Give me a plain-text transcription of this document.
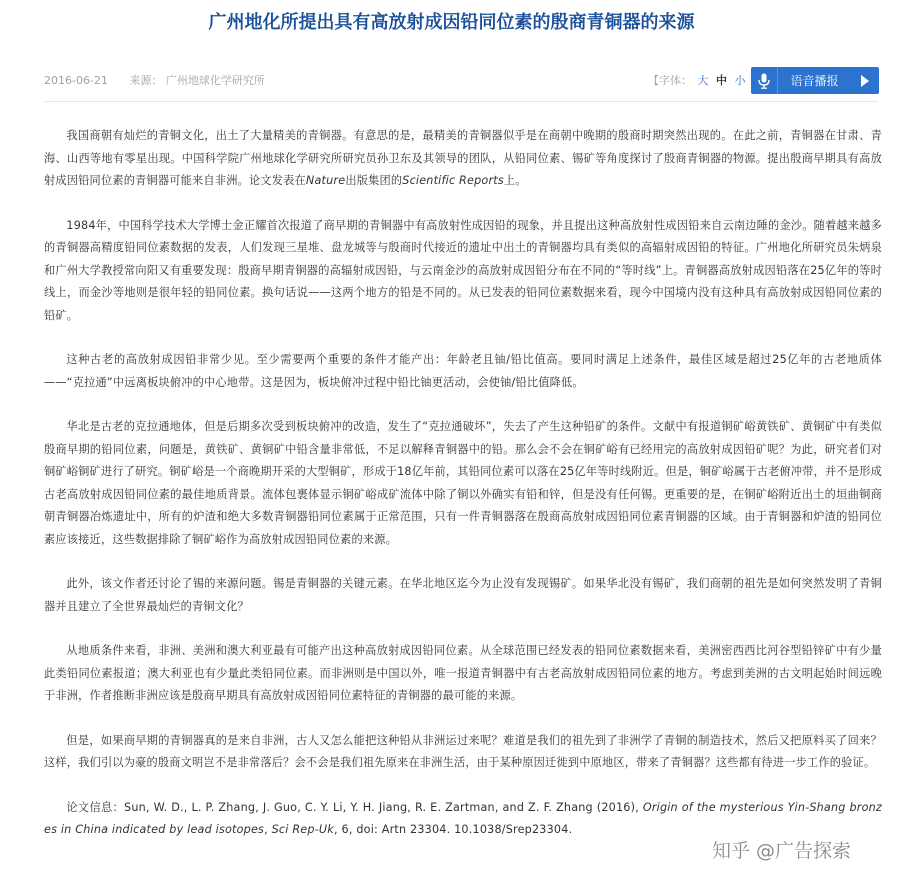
广州地化所提出具有高放射成因铅同位素的殷商青铜器的来源
2016-06-21 来源： 广州地球化学研究所	【字体： 大 中 小	语音播报

我国商朝有灿烂的青铜文化，出土了大量精美的青铜器。有意思的是，最精美的青铜器似乎是在商朝中晚期的殷商时期突然出现的。在此之前，青铜器在甘肃、青海、山西等地有零星出现。中国科学院广州地球化学研究所研究员孙卫东及其领导的团队，从铅同位素、锡矿等角度探讨了殷商青铜器的物源。提出殷商早期具有高放射成因铅同位素的青铜器可能来自非洲。论文发表在Nature出版集团的Scientific Reports上。

1984年，中国科学技术大学博士金正耀首次报道了商早期的青铜器中有高放射性成因铅的现象，并且提出这种高放射性成因铅来自云南边陲的金沙。随着越来越多的青铜器高精度铅同位素数据的发表，人们发现三星堆、盘龙城等与殷商时代接近的遗址中出土的青铜器均具有类似的高辐射成因铅的特征。广州地化所研究员朱炳泉和广州大学教授常向阳又有重要发现：殷商早期青铜器的高辐射成因铅，与云南金沙的高放射成因铅分布在不同的“等时线”上。青铜器高放射成因铅落在25亿年的等时线上，而金沙等地则是很年轻的铅同位素。换句话说——这两个地方的铅是不同的。从已发表的铅同位素数据来看，现今中国境内没有这种具有高放射成因铅同位素的铅矿。

这种古老的高放射成因铅非常少见。至少需要两个重要的条件才能产出：年龄老且铀/铅比值高。要同时满足上述条件，最佳区域是超过25亿年的古老地质体——“克拉通”中远离板块俯冲的中心地带。这是因为，板块俯冲过程中铅比铀更活动，会使铀/铅比值降低。

华北是古老的克拉通地体，但是后期多次受到板块俯冲的改造，发生了“克拉通破坏”，失去了产生这种铅矿的条件。文献中有报道铜矿峪黄铁矿、黄铜矿中有类似殷商早期的铅同位素，问题是，黄铁矿、黄铜矿中铅含量非常低，不足以解释青铜器中的铅。那么会不会在铜矿峪有已经用完的高放射成因铅矿呢？为此，研究者们对铜矿峪铜矿进行了研究。铜矿峪是一个商晚期开采的大型铜矿，形成于18亿年前，其铅同位素可以落在25亿年等时线附近。但是，铜矿峪属于古老俯冲带，并不是形成古老高放射成因铅同位素的最佳地质背景。流体包裹体显示铜矿峪成矿流体中除了铜以外确实有铅和锌，但是没有任何锡。更重要的是，在铜矿峪附近出土的垣曲铜商朝青铜器冶炼遗址中，所有的炉渣和绝大多数青铜器铅同位素属于正常范围，只有一件青铜器落在殷商高放射成因铅同位素青铜器的区域。由于青铜器和炉渣的铅同位素应该接近，这些数据排除了铜矿峪作为高放射成因铅同位素的来源。

此外，该文作者还讨论了锡的来源问题。锡是青铜器的关键元素。在华北地区迄今为止没有发现锡矿。如果华北没有锡矿，我们商朝的祖先是如何突然发明了青铜器并且建立了全世界最灿烂的青铜文化？

从地质条件来看，非洲、美洲和澳大利亚最有可能产出这种高放射成因铅同位素。从全球范围已经发表的铅同位素数据来看，美洲密西西比河谷型铅锌矿中有少量此类铅同位素报道；澳大利亚也有少量此类铅同位素。而非洲则是中国以外，唯一报道青铜器中有古老高放射成因铅同位素的地方。考虑到美洲的古文明起始时间远晚于非洲，作者推断非洲应该是殷商早期具有高放射成因铅同位素特征的青铜器的最可能的来源。

但是，如果商早期的青铜器真的是来自非洲，古人又怎么能把这种铅从非洲运过来呢？难道是我们的祖先到了非洲学了青铜的制造技术，然后又把原料买了回来？这样，我们引以为豪的殷商文明岂不是非常落后？会不会是我们祖先原来在非洲生活，由于某种原因迁徙到中原地区，带来了青铜器？这些都有待进一步工作的验证。

论文信息：Sun, W. D., L. P. Zhang, J. Guo, C. Y. Li, Y. H. Jiang, R. E. Zartman, and Z. F. Zhang (2016), Origin of the mysterious Yin-Shang bronzes in China indicated by lead isotopes, Sci Rep-Uk, 6, doi: Artn 23304. 10.1038/Srep23304.

知乎 @广告探索
